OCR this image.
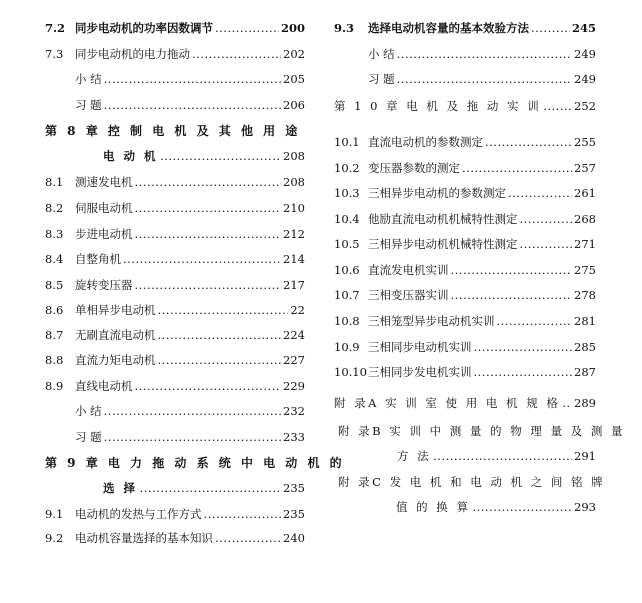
7.2 同步电动机的功率因数调节 .....	200
7.3	同步电动机的电力拖动 .....	202
小 结 .....	205
习 题 .....	206
第 8 章 控 制 电 机 及 其 他 用 途
电 动 机 .....	208
8.1	测速发电机 .....	208
8.2	伺服电动机 .....	210
8.3	步进电动机 .....	212
8.4	自整角机 .....	214
8.5	旋转变压器 .....	217
8.6	单相异步电动机 .....	22
8.7	无刷直流电动机 .....	224
8.8	直流力矩电动机 .....	227
8.9	直线电动机 .....	229
小 结 .....	232
习 题 .....	233
第 9 章 电 力 拖 动 系 统 中 电 动 机 的
选 择 .....	235
9.1	电动机的发热与工作方式 .....	235
9.2	电动机容量选择的基本知识 .....	240
9.3	选择电动机容量的基本效验方法 .....	245
小 结 .....	249
习 题 .....	249
第 1 0 章 电 机 及 拖 动 实 训 .....	252
10.1 直流电动机的参数测定 .....	255
10.2 变压器参数的测定 .....	257
10.3 三相异步电动机的参数测定 .....	261
10.4 他励直流电动机机械特性测定 .....	268
10.5 三相异步电动机机械特性测定 .....	271
10.6 直流发电机实训 .....	275
10.7 三相变压器实训 .....	278
10.8 三相笼型异步电动机实训 .....	281
10.9 三相同步电动机实训 .....	285
10.10 三相同步发电机实训 .....	287
附 录A 实 训 室 使 用 电 机 规 格 ..... 289
附 录B 实 训 中 测 量 的 物 理 量 及 测 量
方 法 .....	291
附 录C 发 电 机 和 电 动 机 之 间 铭 牌
值 的 换 算 .....	293
